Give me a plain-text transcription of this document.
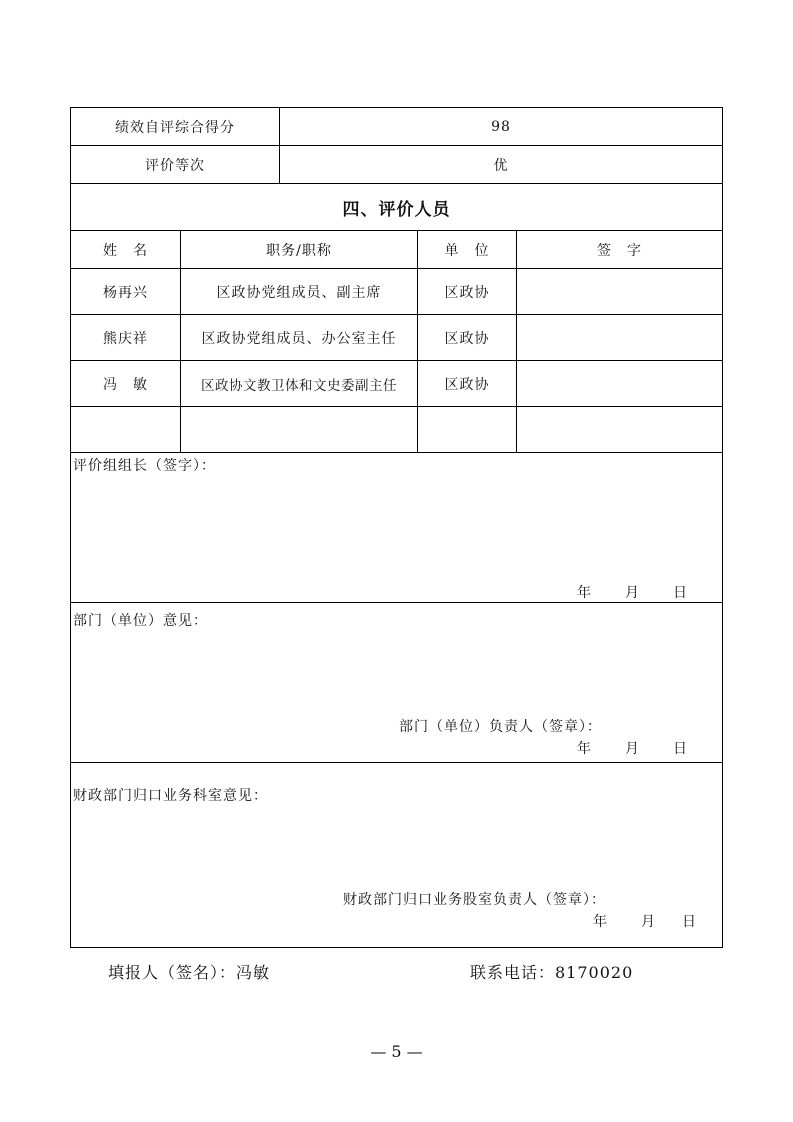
绩效自评综合得分	98
评价等次	优
四、评价人员
姓　名	职务/职称	单　位	签　字
杨再兴	区政协党组成员、副主席	区政协
熊庆祥	区政协党组成员、办公室主任	区政协
冯　敏	区政协文教卫体和文史委副主任	区政协
评价组组长（签字）：
年 月 日
部门（单位）意见：
部门（单位）负责人（签章）：
年 月 日
财政部门归口业务科室意见：
财政部门归口业务股室负责人（签章）：
年 月 日
填报人（签名）：冯敏	联系电话：8170020
— 5 —
